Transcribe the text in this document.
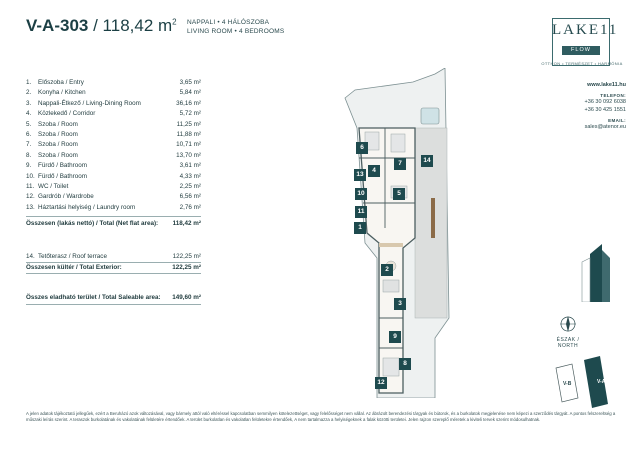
V-A-303 / 118,42 $m^2$ NAPPALI • 4 HÁLÓSZOBA
LIVING ROOM • 4 BEDROOMS	LAKE11
FLOW
OTTHON • TERMÉSZET • HARMÓNIA
www.lake11.hu
TELEFON:
+36 30 092 6038
+36 30 425 1551
EMAIL:
sales@atenor.eu
1.	Előszoba / Entry	3,65 m²
2.	Konyha / Kitchen	5,84 m²
3.	Nappali-Étkező / Living-Dining Room	36,16 m²
4.	Közlekedő / Corridor	5,72 m²
5.	Szoba / Room	11,25 m²
6.	Szoba / Room	11,88 m²
7.	Szoba / Room	10,71 m²
8.	Szoba / Room	13,70 m²
9.	Fürdő / Bathroom	3,61 m²
10. Fürdő / Bathroom	4,33 m²
11. WC / Toilet	2,25 m²
12. Gardrób / Wardrobe	6,56 m²
13. Háztartási helyiség / Laundry room	2,76 m²
Összesen (lakás nettó) / Total (Net flat area):	118,42 m²
14. Tetőterasz / Roof terrace	122,25 m²
Összesen kültér / Total Exterior:	122,25 m²
Összes eladható terület / Total Saleable area:	149,60 m²
1
2
3
4
5
6
7
8
9
10
11
12
13
14
ÉSZAK / NORTH
V-B	V-A
A jelen adatok tájékoztató jellegűek, ezért a Beruházó azok változásával, vagy bármely attól való eltéréssel kapcsolatban semmilyen kötelezettséget, vagy felelősséget nem vállal. Az ábrázolt berendezési tárgyak és bútorok, és a burkolatok megjelenése nem képezi a szerződés tárgyát. A pontos felszereltség a műszaki leírás szerint. A teraszok burkolatának és vakolatának felületére értendőek. A terület burkolatlan és vakolatlan felületekre értendőek, A nem tartalmazza a helyiségeknek a falak közötti területei. Jelen rajzon szereplő méretek a kiviteli tervek szerint módosulhatnak.
